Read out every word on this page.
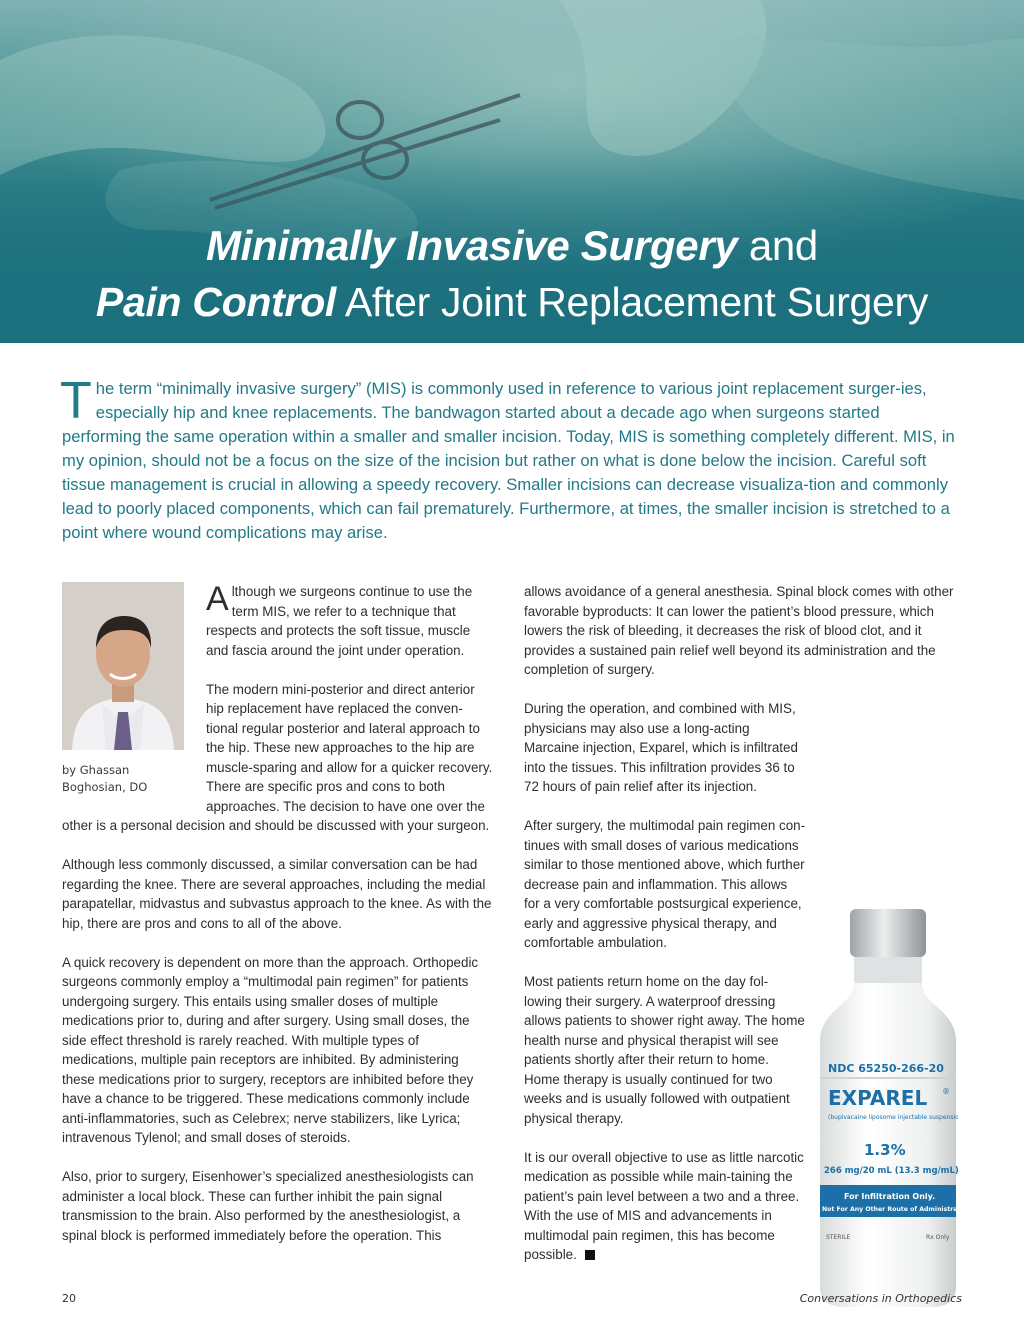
Minimally Invasive Surgery and
Pain Control After Joint Replacement Surgery
The term “minimally invasive surgery” (MIS) is commonly used in reference to various joint replacement surger-ies, especially hip and knee replacements. The bandwagon started about a decade ago when surgeons started performing the same operation within a smaller and smaller incision. Today, MIS is something completely different. MIS, in my opinion, should not be a focus on the size of the incision but rather on what is done below the incision. Careful soft tissue management is crucial in allowing a speedy recovery. Smaller incisions can decrease visualiza-tion and commonly lead to poorly placed components, which can fail prematurely. Furthermore, at times, the smaller incision is stretched to a point where wound complications may arise.
A lthough we surgeons continue to use the term MIS, we refer to a technique that respects and protects the soft tissue, muscle and fascia around the joint under operation.

by Ghassan
Boghosian, DO

The modern mini-posterior and direct anterior hip replacement have replaced the conven-tional regular posterior and lateral approach to the hip. These new approaches to the hip are muscle-sparing and allow for a quicker recovery. There are specific pros and cons to both approaches. The decision to have one over the other is a personal decision and should be discussed with your surgeon.

Although less commonly discussed, a similar conversation can be had regarding the knee. There are several approaches, including the medial parapatellar, midvastus and subvastus approach to the knee. As with the hip, there are pros and cons to all of the above.

A quick recovery is dependent on more than the approach. Orthopedic surgeons commonly employ a “multimodal pain regimen” for patients undergoing surgery. This entails using smaller doses of multiple medications prior to, during and after surgery. Using small doses, the side effect threshold is rarely reached. With multiple types of medications, multiple pain receptors are inhibited. By administering these medications prior to surgery, receptors are inhibited before they have a chance to be triggered. These medications commonly include anti-inflammatories, such as Celebrex; nerve stabilizers, like Lyrica; intravenous Tylenol; and small doses of steroids.

Also, prior to surgery, Eisenhower’s specialized anesthesiologists can administer a local block. These can further inhibit the pain signal transmission to the brain. Also performed by the anesthesiologist, a spinal block is performed immediately before the operation. This

allows avoidance of a general anesthesia. Spinal block comes with other favorable byproducts: It can lower the patient’s blood pressure, which lowers the risk of bleeding, it decreases the risk of blood clot, and it provides a sustained pain relief well beyond its administration and the completion of surgery.

NDC 65250-266-20
EXPAREL ®
(bupivacaine liposome injectable suspension)
1.3%
266 mg/20 mL (13.3 mg/mL)
For Infiltration Only.
Not For Any Other Route of Administration
STERILE	Rx Only

During the operation, and combined with MIS, physicians may also use a long-acting Marcaine injection, Exparel, which is infiltrated into the tissues. This infiltration provides 36 to 72 hours of pain relief after its injection.

After surgery, the multimodal pain regimen con-tinues with small doses of various medications similar to those mentioned above, which further decrease pain and inflammation. This allows for a very comfortable postsurgical experience, early and aggressive physical therapy, and comfortable ambulation.

Most patients return home on the day fol-lowing their surgery. A waterproof dressing allows patients to shower right away. The home health nurse and physical therapist will see patients shortly after their return to home. Home therapy is usually continued for two weeks and is usually followed with outpatient physical therapy.

It is our overall objective to use as little narcotic medication as possible while main-taining the patient’s pain level between a two and a three. With the use of MIS and advancements in multimodal pain regimen, this has become possible.

20	Conversations in Orthopedics
